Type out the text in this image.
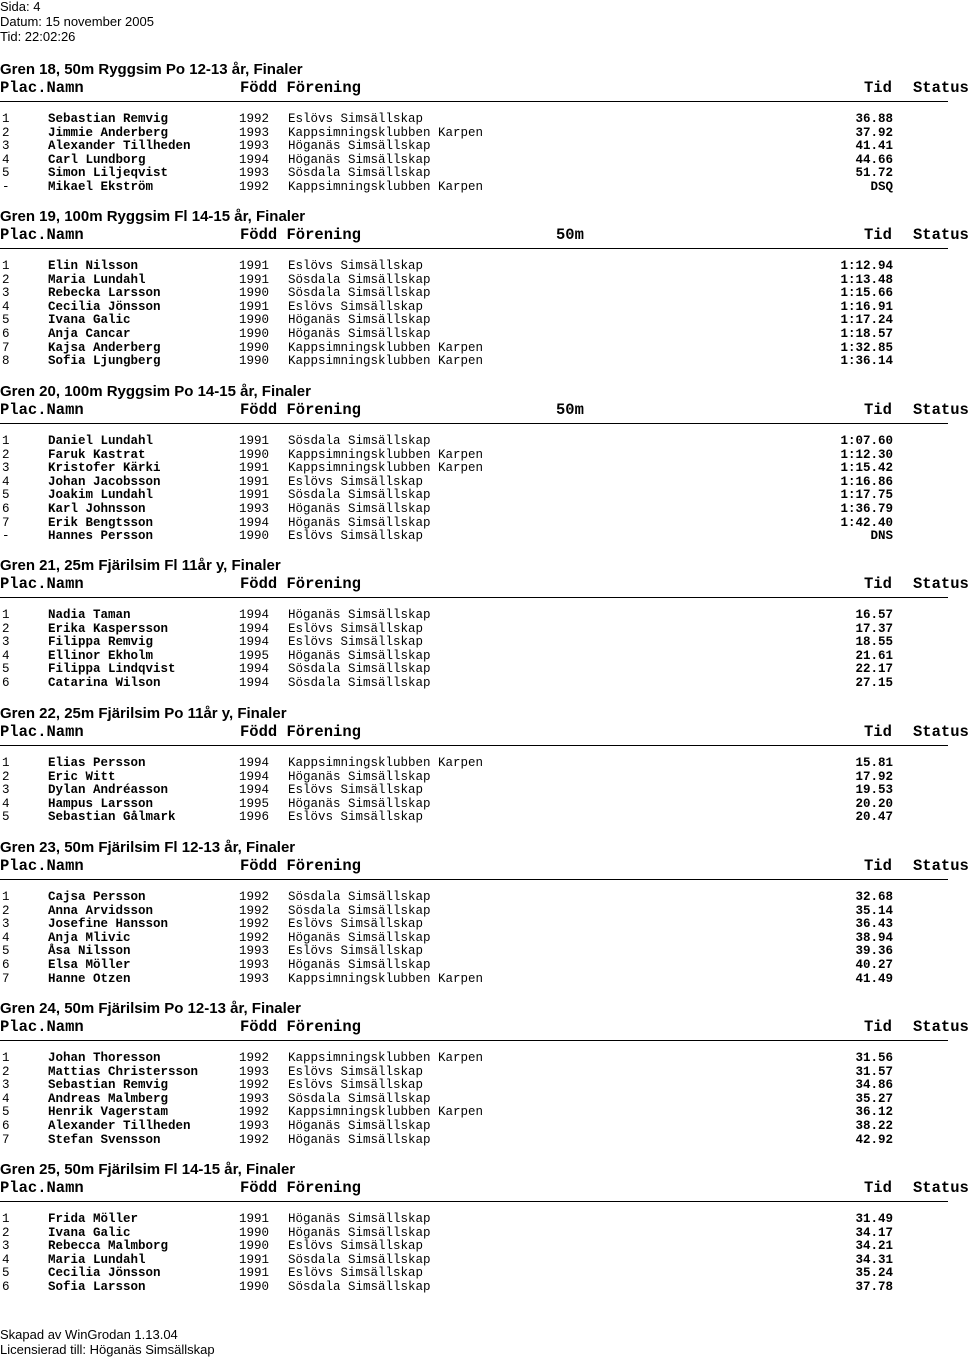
Sida: 4
Datum: 15 november 2005
Tid: 22:02:26
Gren 18, 50m Ryggsim Po 12-13 år, Finaler
Plac.Namn	Född Förening	Tid Status
1	Sebastian Remvig	1992 Eslövs Simsällskap	36.88
2	Jimmie Anderberg	1993 Kappsimningsklubben Karpen	37.92
3	Alexander Tillheden	1993 Höganäs Simsällskap	41.41
4	Carl Lundborg	1994 Höganäs Simsällskap	44.66
5	Simon Liljeqvist	1993 Sösdala Simsällskap	51.72
-	Mikael Ekström	1992 Kappsimningsklubben Karpen	DSQ
Gren 19, 100m Ryggsim Fl 14-15 år, Finaler
Plac.Namn	Född Förening	50m	Tid Status
1	Elin Nilsson	1991 Eslövs Simsällskap	1:12.94
2	Maria Lundahl	1991 Sösdala Simsällskap	1:13.48
3	Rebecka Larsson	1990 Sösdala Simsällskap	1:15.66
4	Cecilia Jönsson	1991 Eslövs Simsällskap	1:16.91
5	Ivana Galic	1990 Höganäs Simsällskap	1:17.24
6	Anja Cancar	1990 Höganäs Simsällskap	1:18.57
7	Kajsa Anderberg	1990 Kappsimningsklubben Karpen	1:32.85
8	Sofia Ljungberg	1990 Kappsimningsklubben Karpen	1:36.14
Gren 20, 100m Ryggsim Po 14-15 år, Finaler
Plac.Namn	Född Förening	50m	Tid Status
1	Daniel Lundahl	1991 Sösdala Simsällskap	1:07.60
2	Faruk Kastrat	1990 Kappsimningsklubben Karpen	1:12.30
3	Kristofer Kärki	1991 Kappsimningsklubben Karpen	1:15.42
4	Johan Jacobsson	1991 Eslövs Simsällskap	1:16.86
5	Joakim Lundahl	1991 Sösdala Simsällskap	1:17.75
6	Karl Johnsson	1993 Höganäs Simsällskap	1:36.79
7	Erik Bengtsson	1994 Höganäs Simsällskap	1:42.40
-	Hannes Persson	1990 Eslövs Simsällskap	DNS
Gren 21, 25m Fjärilsim Fl 11år y, Finaler
Plac.Namn	Född Förening	Tid Status
1	Nadia Taman	1994 Höganäs Simsällskap	16.57
2	Erika Kaspersson	1994 Eslövs Simsällskap	17.37
3	Filippa Remvig	1994 Eslövs Simsällskap	18.55
4	Ellinor Ekholm	1995 Höganäs Simsällskap	21.61
5	Filippa Lindqvist	1994 Sösdala Simsällskap	22.17
6	Catarina Wilson	1994 Sösdala Simsällskap	27.15
Gren 22, 25m Fjärilsim Po 11år y, Finaler
Plac.Namn	Född Förening	Tid Status
1	Elias Persson	1994 Kappsimningsklubben Karpen	15.81
2	Eric Witt	1994 Höganäs Simsällskap	17.92
3	Dylan Andréasson	1994 Eslövs Simsällskap	19.53
4	Hampus Larsson	1995 Höganäs Simsällskap	20.20
5	Sebastian Gålmark	1996 Eslövs Simsällskap	20.47
Gren 23, 50m Fjärilsim Fl 12-13 år, Finaler
Plac.Namn	Född Förening	Tid Status
1	Cajsa Persson	1992 Sösdala Simsällskap	32.68
2	Anna Arvidsson	1992 Sösdala Simsällskap	35.14
3	Josefine Hansson	1992 Eslövs Simsällskap	36.43
4	Anja Mlivic	1992 Höganäs Simsällskap	38.94
5	Åsa Nilsson	1993 Eslövs Simsällskap	39.36
6	Elsa Möller	1993 Höganäs Simsällskap	40.27
7	Hanne Otzen	1993 Kappsimningsklubben Karpen	41.49
Gren 24, 50m Fjärilsim Po 12-13 år, Finaler
Plac.Namn	Född Förening	Tid Status
1	Johan Thoresson	1992 Kappsimningsklubben Karpen	31.56
2	Mattias Christersson	1993 Eslövs Simsällskap	31.57
3	Sebastian Remvig	1992 Eslövs Simsällskap	34.86
4	Andreas Malmberg	1993 Sösdala Simsällskap	35.27
5	Henrik Vagerstam	1992 Kappsimningsklubben Karpen	36.12
6	Alexander Tillheden	1993 Höganäs Simsällskap	38.22
7	Stefan Svensson	1992 Höganäs Simsällskap	42.92
Gren 25, 50m Fjärilsim Fl 14-15 år, Finaler
Plac.Namn	Född Förening	Tid Status
1	Frida Möller	1991 Höganäs Simsällskap	31.49
2	Ivana Galic	1990 Höganäs Simsällskap	34.17
3	Rebecca Malmborg	1990 Eslövs Simsällskap	34.21
4	Maria Lundahl	1991 Sösdala Simsällskap	34.31
5	Cecilia Jönsson	1991 Eslövs Simsällskap	35.24
6	Sofia Larsson	1990 Sösdala Simsällskap	37.78
Skapad av WinGrodan 1.13.04
Licensierad till: Höganäs Simsällskap
